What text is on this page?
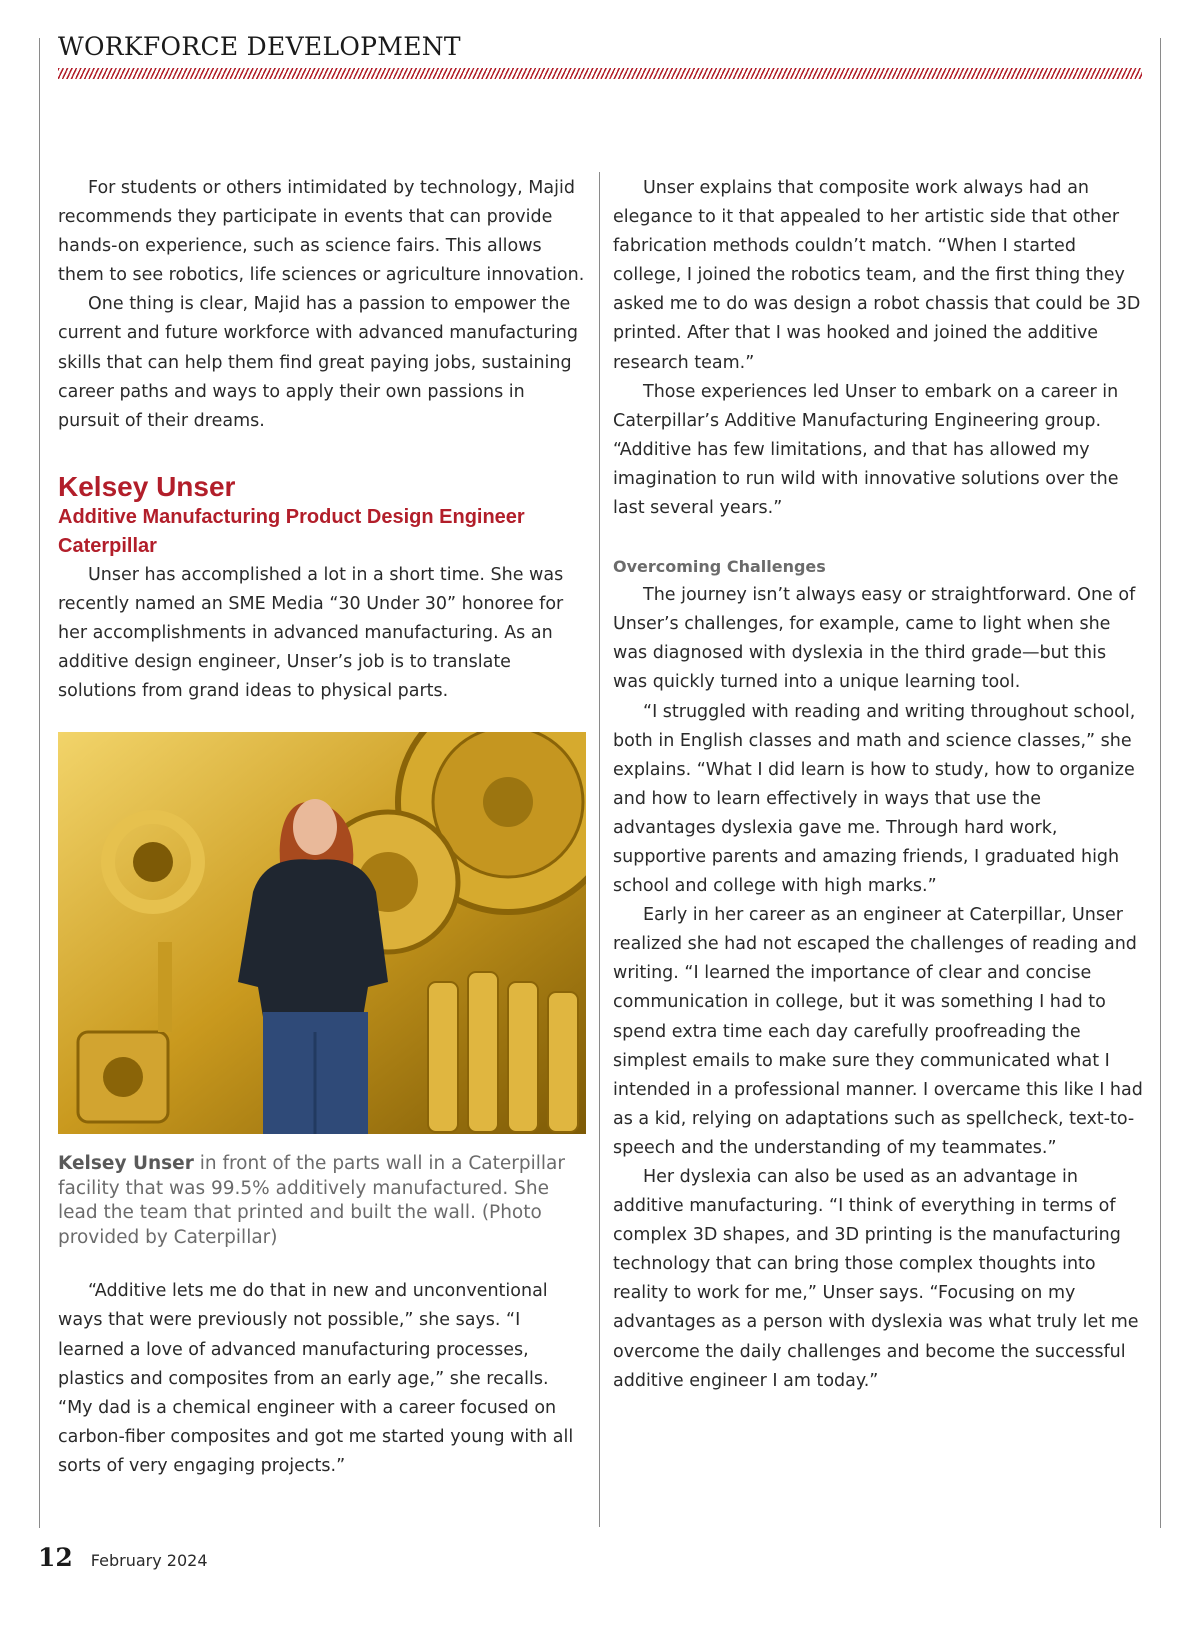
WORKFORCE DEVELOPMENT

For students or others intimidated by technology, Majid recommends they participate in events that can provide hands-on experience, such as science fairs. This allows them to see robotics, life sciences or agriculture innovation.

One thing is clear, Majid has a passion to empower the current and future workforce with advanced manufacturing skills that can help them find great paying jobs, sustaining career paths and ways to apply their own passions in pursuit of their dreams.

Kelsey Unser
Additive Manufacturing Product Design Engineer
Caterpillar

Unser has accomplished a lot in a short time. She was recently named an SME Media “30 Under 30” honoree for her accomplishments in advanced manufacturing. As an additive design engineer, Unser’s job is to translate solutions from grand ideas to physical parts.

Kelsey Unser in front of the parts wall in a Caterpillar facility that was 99.5% additively manufactured. She lead the team that printed and built the wall. (Photo provided by Caterpillar)

“Additive lets me do that in new and unconventional ways that were previously not possible,” she says. “I learned a love of advanced manufacturing processes, plastics and composites from an early age,” she recalls. “My dad is a chemical engineer with a career focused on carbon-fiber composites and got me started young with all sorts of very engaging projects.”

Unser explains that composite work always had an elegance to it that appealed to her artistic side that other fabrication methods couldn’t match. “When I started college, I joined the robotics team, and the first thing they asked me to do was design a robot chassis that could be 3D printed. After that I was hooked and joined the additive research team.”

Those experiences led Unser to embark on a career in Caterpillar’s Additive Manufacturing Engineering group. “Additive has few limitations, and that has allowed my imagination to run wild with innovative solutions over the last several years.”

Overcoming Challenges

The journey isn’t always easy or straightforward. One of Unser’s challenges, for example, came to light when she was diagnosed with dyslexia in the third grade—but this was quickly turned into a unique learning tool.

“I struggled with reading and writing throughout school, both in English classes and math and science classes,” she explains. “What I did learn is how to study, how to organize and how to learn effectively in ways that use the advantages dyslexia gave me. Through hard work, supportive parents and amazing friends, I graduated high school and college with high marks.”

Early in her career as an engineer at Caterpillar, Unser realized she had not escaped the challenges of reading and writing. “I learned the importance of clear and concise communication in college, but it was something I had to spend extra time each day carefully proofreading the simplest emails to make sure they communicated what I intended in a professional manner. I overcame this like I had as a kid, relying on adaptations such as spellcheck, text-to-speech and the understanding of my teammates.”

Her dyslexia can also be used as an advantage in additive manufacturing. “I think of everything in terms of complex 3D shapes, and 3D printing is the manufacturing technology that can bring those complex thoughts into reality to work for me,” Unser says. “Focusing on my advantages as a person with dyslexia was what truly let me overcome the daily challenges and become the successful additive engineer I am today.”

12 February 2024
